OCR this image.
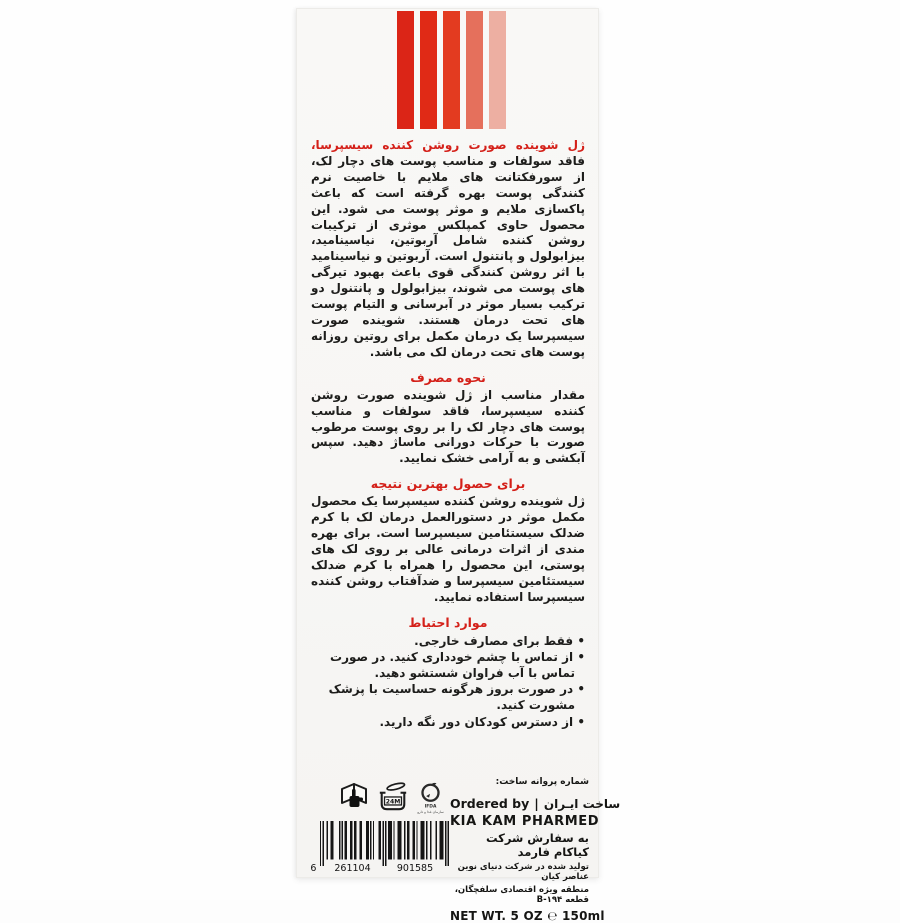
ژل شوینده صورت روشن کننده سیسپرسا، فاقد سولفات و مناسب پوست های دچار لک، از سورفکتانت های ملایم با خاصیت نرم کنندگی پوست بهره گرفته است که باعث پاکسازی ملایم و موثر پوست می شود. این محصول حاوی کمپلکس موثری از ترکیبات روشن کننده شامل آربوتین، نیاسینامید، بیزابولول و پانتنول است. آربوتین و نیاسینامید با اثر روشن کنندگی قوی باعث بهبود تیرگی های پوست می شوند، بیزابولول و پانتنول دو ترکیب بسیار موثر در آبرسانی و التیام پوست های تحت درمان هستند. شوینده صورت سیسپرسا یک درمان مکمل برای روتین روزانه پوست های تحت درمان لک می باشد.

نحوه مصرف

مقدار مناسب از ژل شوینده صورت روشن کننده سیسپرسا، فاقد سولفات و مناسب پوست های دچار لک را بر روی پوست مرطوب صورت با حرکات دورانی ماساژ دهید. سپس آبکشی و به آرامی خشک نمایید.

برای حصول بهترین نتیجه

ژل شوینده روشن کننده سیسپرسا یک محصول مکمل موثر در دستورالعمل درمان لک با کرم ضدلک سیستئامین سیسپرسا است. برای بهره مندی از اثرات درمانی عالی بر روی لک های پوستی، این محصول را همراه با کرم ضدلک سیستئامین سیسپرسا و ضدآفتاب روشن کننده سیسپرسا استفاده نمایید.

موارد احتیاط
• فقط برای مصارف خارجی.
• از تماس با چشم خودداری کنید. در صورت تماس با آب فراوان شستشو دهید.
• در صورت بروز هرگونه حساسیت با پزشک مشورت کنید.
• از دسترس کودکان دور نگه دارید.
24M
IFDA
سازمان غذا و دارو
6	261104	901585
شماره پروانه ساخت:
Ordered by | ساخت ایـران
KIA KAM PHARMED
به سفارش شرکت کیاکام فارمد
تولید شده در شرکت دنیای نوین عناصر کیان
منطقه ویژه اقتصادی سلفچگان، قطعه B-۱۹۴
NET WT. 5 OZ ℮ 150ml
